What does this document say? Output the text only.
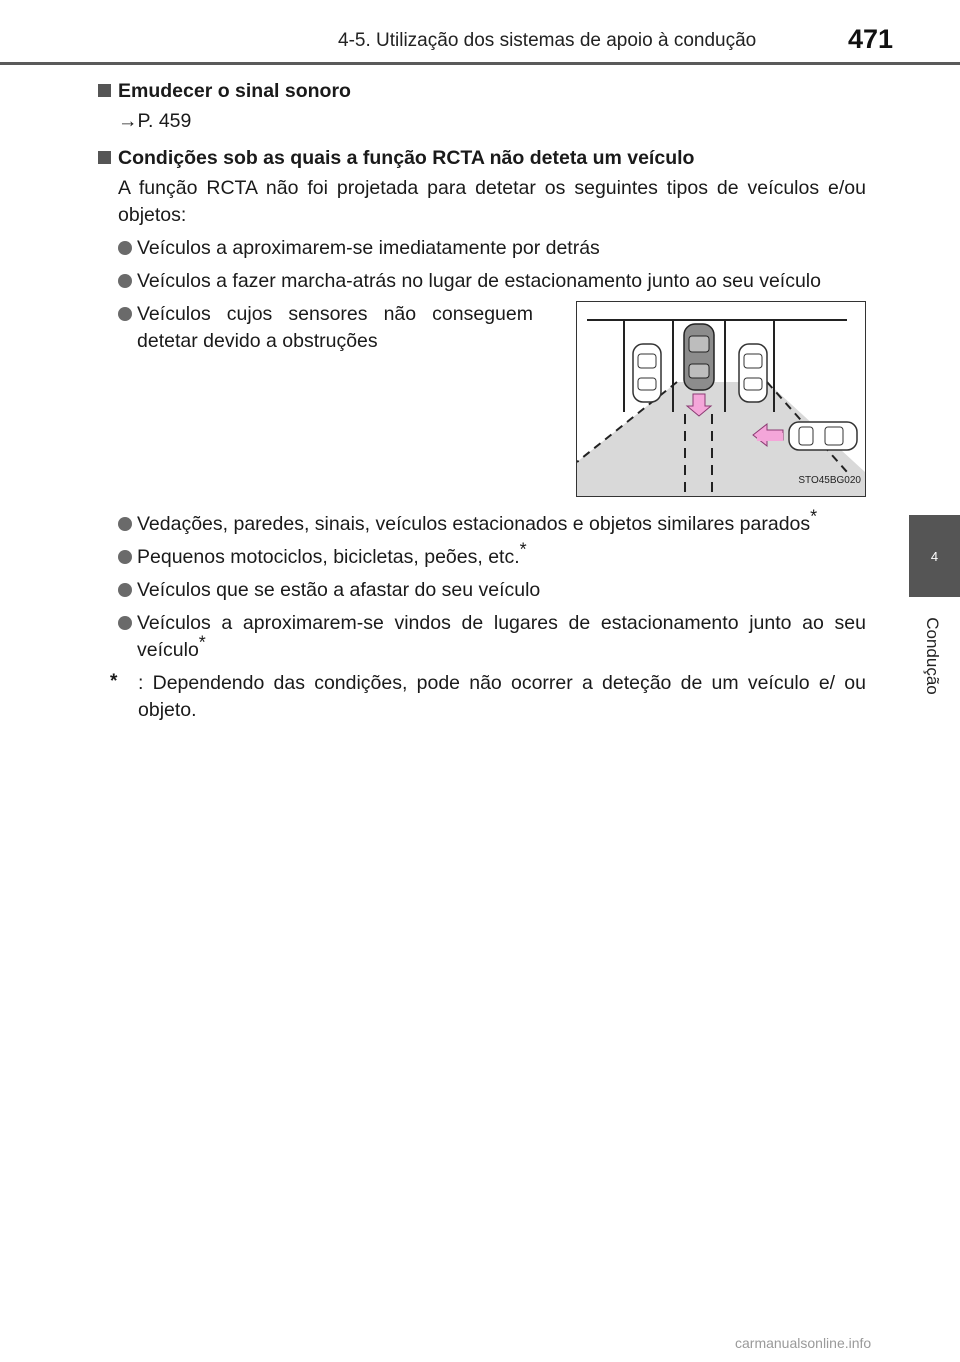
4-5. Utilização dos sistemas de apoio à condução	471
4
Condução
Emudecer o sinal sonoro
→P. 459
Condições sob as quais a função RCTA não deteta um veículo
A função RCTA não foi projetada para detetar os seguintes tipos de veículos e/ou objetos:
Veículos a aproximarem-se imediatamente por detrás
Veículos a fazer marcha-atrás no lugar de estacionamento junto ao seu veículo
Veículos cujos sensores não conseguem detetar devido a obstruções
STO45BG020
Vedações, paredes, sinais, veículos estacionados e objetos similares parados*
Pequenos motociclos, bicicletas, peões, etc.*
Veículos que se estão a afastar do seu veículo
Veículos a aproximarem-se vindos de lugares de estacionamento junto ao seu veículo*
* : Dependendo das condições, pode não ocorrer a deteção de um veículo e/ ou objeto.
carmanualsonline.info
